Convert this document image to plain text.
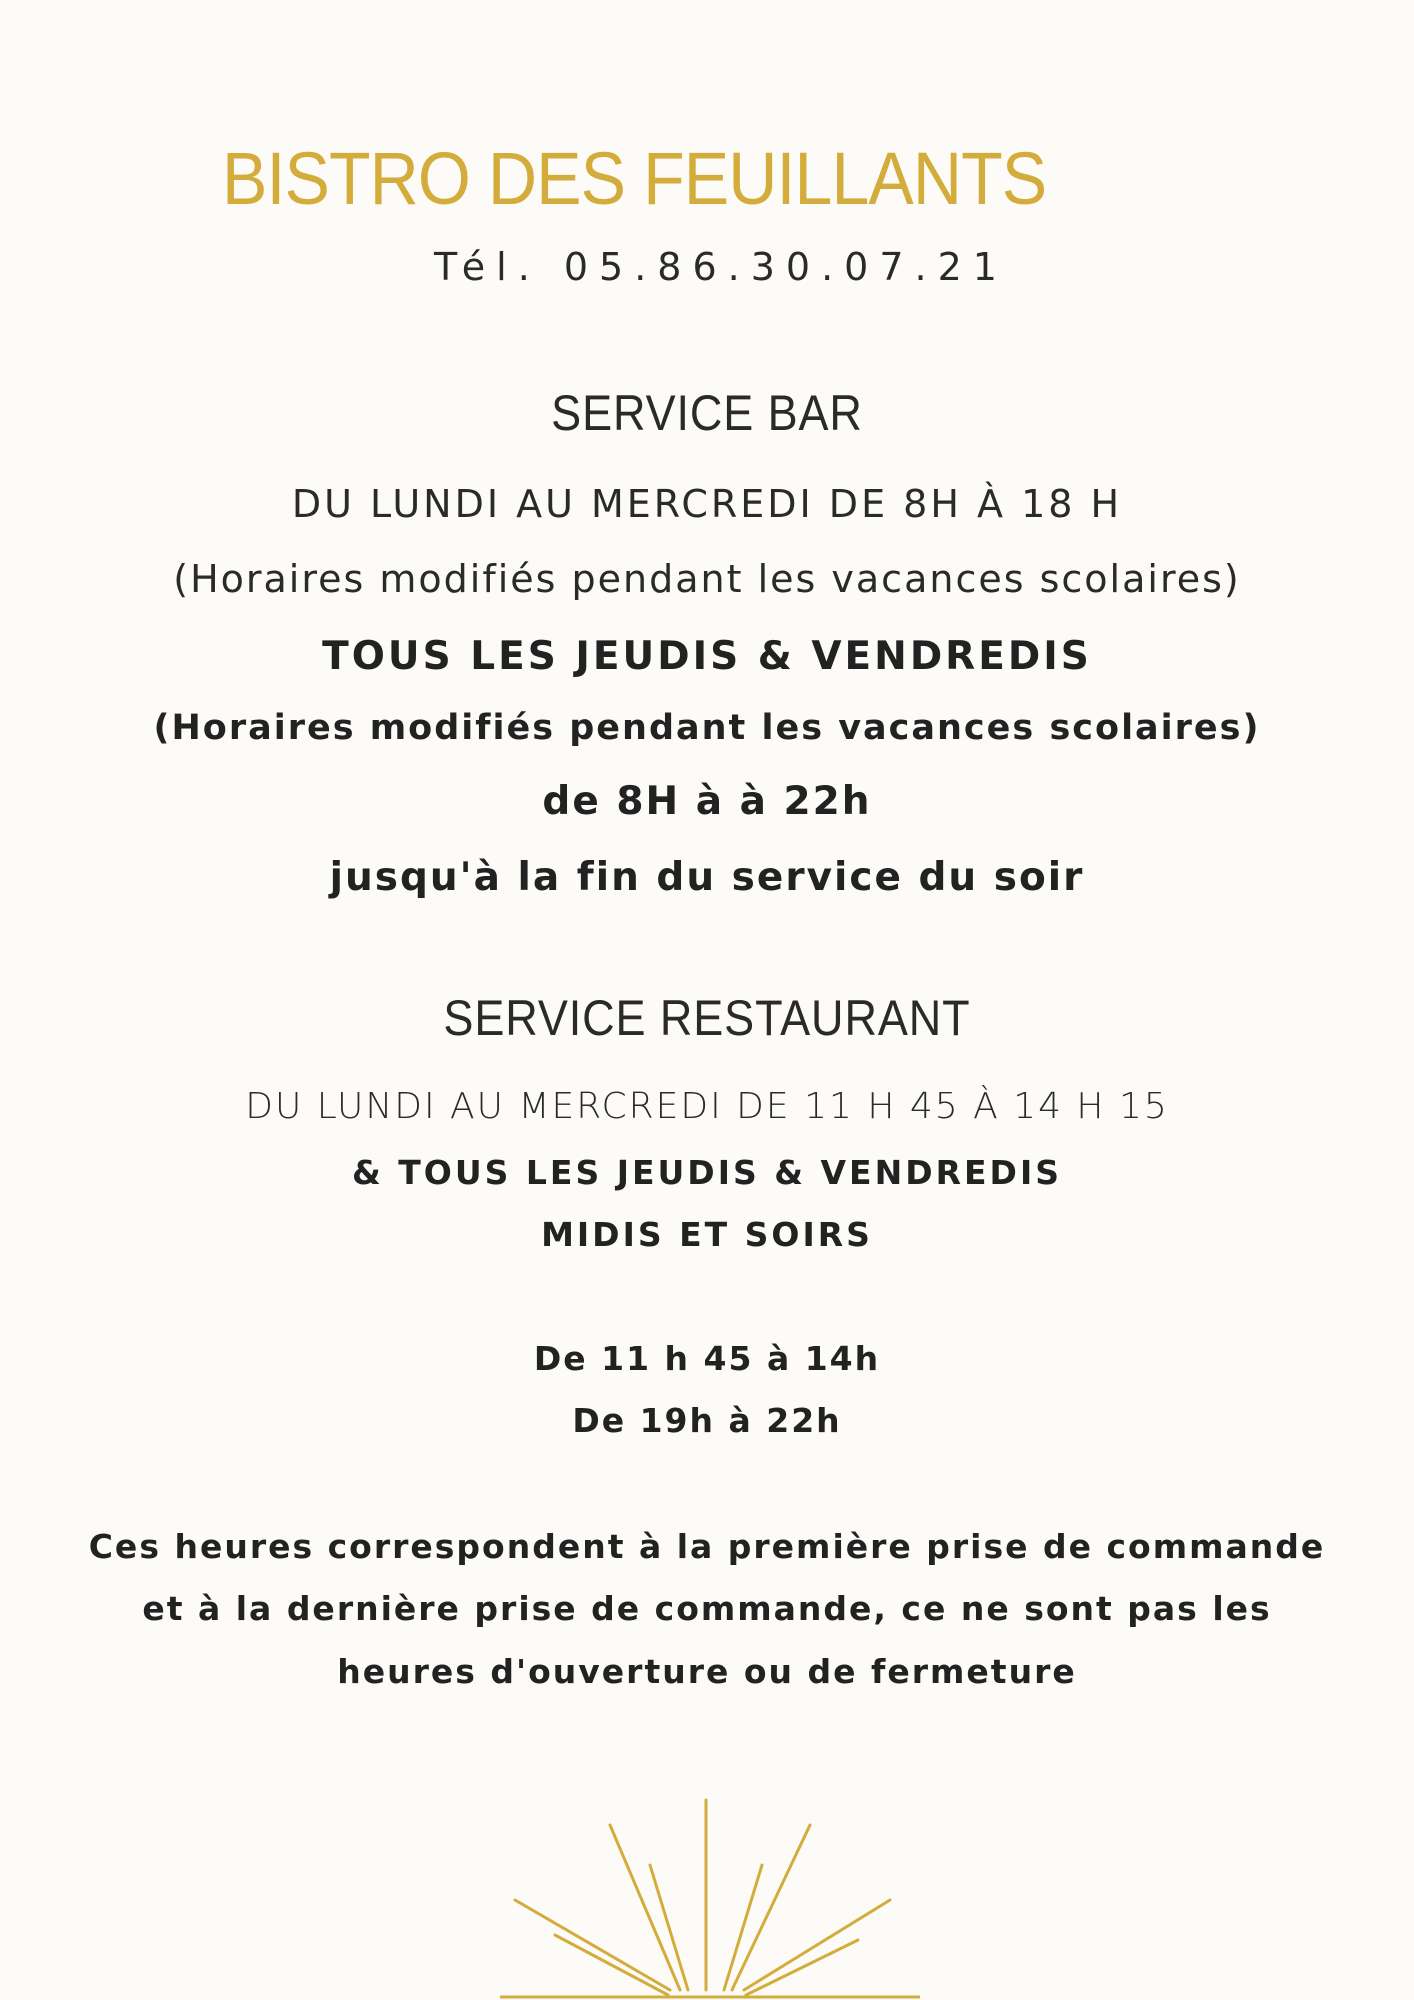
BISTRO DES FEUILLANTS
Tél. 05.86.30.07.21
SERVICE BAR
DU LUNDI AU MERCREDI DE 8H À 18 H
(Horaires modifiés pendant les vacances scolaires)
TOUS LES JEUDIS & VENDREDIS
(Horaires modifiés pendant les vacances scolaires)
de 8H à à 22h
jusqu'à la fin du service du soir
SERVICE RESTAURANT
DU LUNDI AU MERCREDI DE 11 H 45 À 14 H 15
& TOUS LES JEUDIS & VENDREDIS
MIDIS ET SOIRS
De 11 h 45 à 14h
De 19h à 22h
Ces heures correspondent à la première prise de commande
et à la dernière prise de commande, ce ne sont pas les
heures d'ouverture ou de fermeture
